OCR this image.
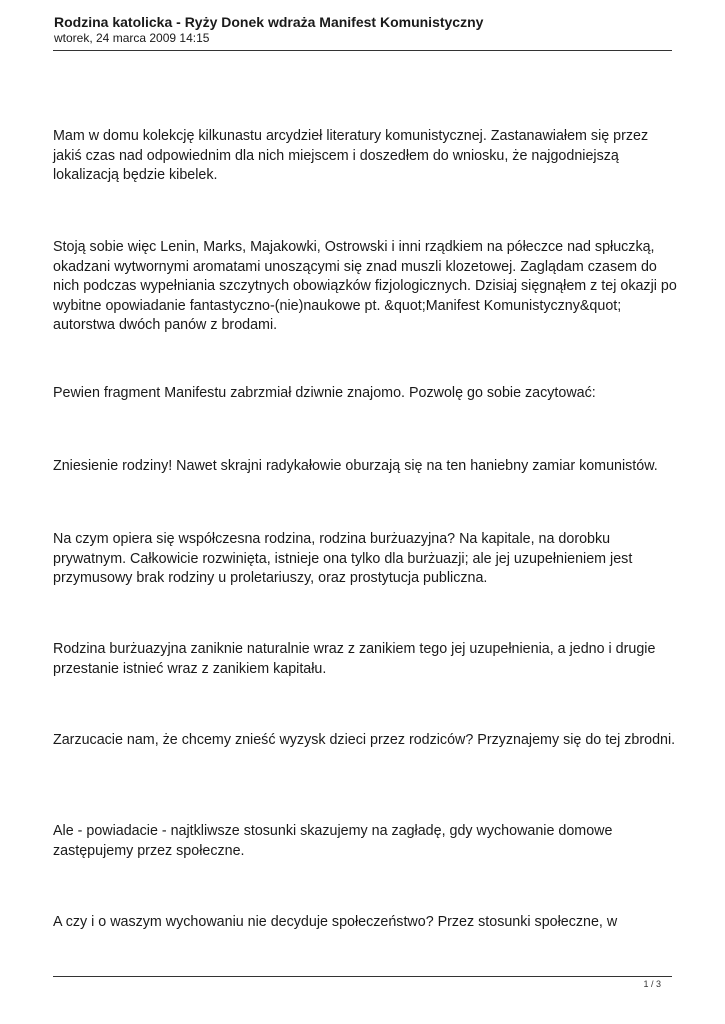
Rodzina katolicka - Ryży Donek wdraża Manifest Komunistyczny

wtorek, 24 marca 2009 14:15

Mam w domu kolekcję kilkunastu arcydzieł literatury komunistycznej. Zastanawiałem się przez jakiś czas nad odpowiednim dla nich miejscem i doszedłem do wniosku, że najgodniejszą lokalizacją będzie kibelek.

Stoją sobie więc Lenin, Marks, Majakowki, Ostrowski i inni rządkiem na półeczce nad spłuczką, okadzani wytwornymi aromatami unoszącymi się znad muszli klozetowej. Zaglądam czasem do nich podczas wypełniania szczytnych obowiązków fizjologicznych. Dzisiaj sięgnąłem z tej okazji po wybitne opowiadanie fantastyczno-(nie)naukowe pt. &quot;Manifest Komunistyczny&quot; autorstwa dwóch panów z brodami.

Pewien fragment Manifestu zabrzmiał dziwnie znajomo. Pozwolę go sobie zacytować:

Zniesienie rodziny! Nawet skrajni radykałowie oburzają się na ten haniebny zamiar komunistów.

Na czym opiera się współczesna rodzina, rodzina burżuazyjna? Na kapitale, na dorobku prywatnym. Całkowicie rozwinięta, istnieje ona tylko dla burżuazji; ale jej uzupełnieniem jest przymusowy brak rodziny u proletariuszy, oraz prostytucja publiczna.

Rodzina burżuazyjna zaniknie naturalnie wraz z zanikiem tego jej uzupełnienia, a jedno i drugie przestanie istnieć wraz z zanikiem kapitału.

Zarzucacie nam, że chcemy znieść wyzysk dzieci przez rodziców? Przyznajemy się do tej zbrodni.

Ale - powiadacie - najtkliwsze stosunki skazujemy na zagładę, gdy wychowanie domowe zastępujemy przez społeczne.

A czy i o waszym wychowaniu nie decyduje społeczeństwo? Przez stosunki społeczne, w

1 / 3
